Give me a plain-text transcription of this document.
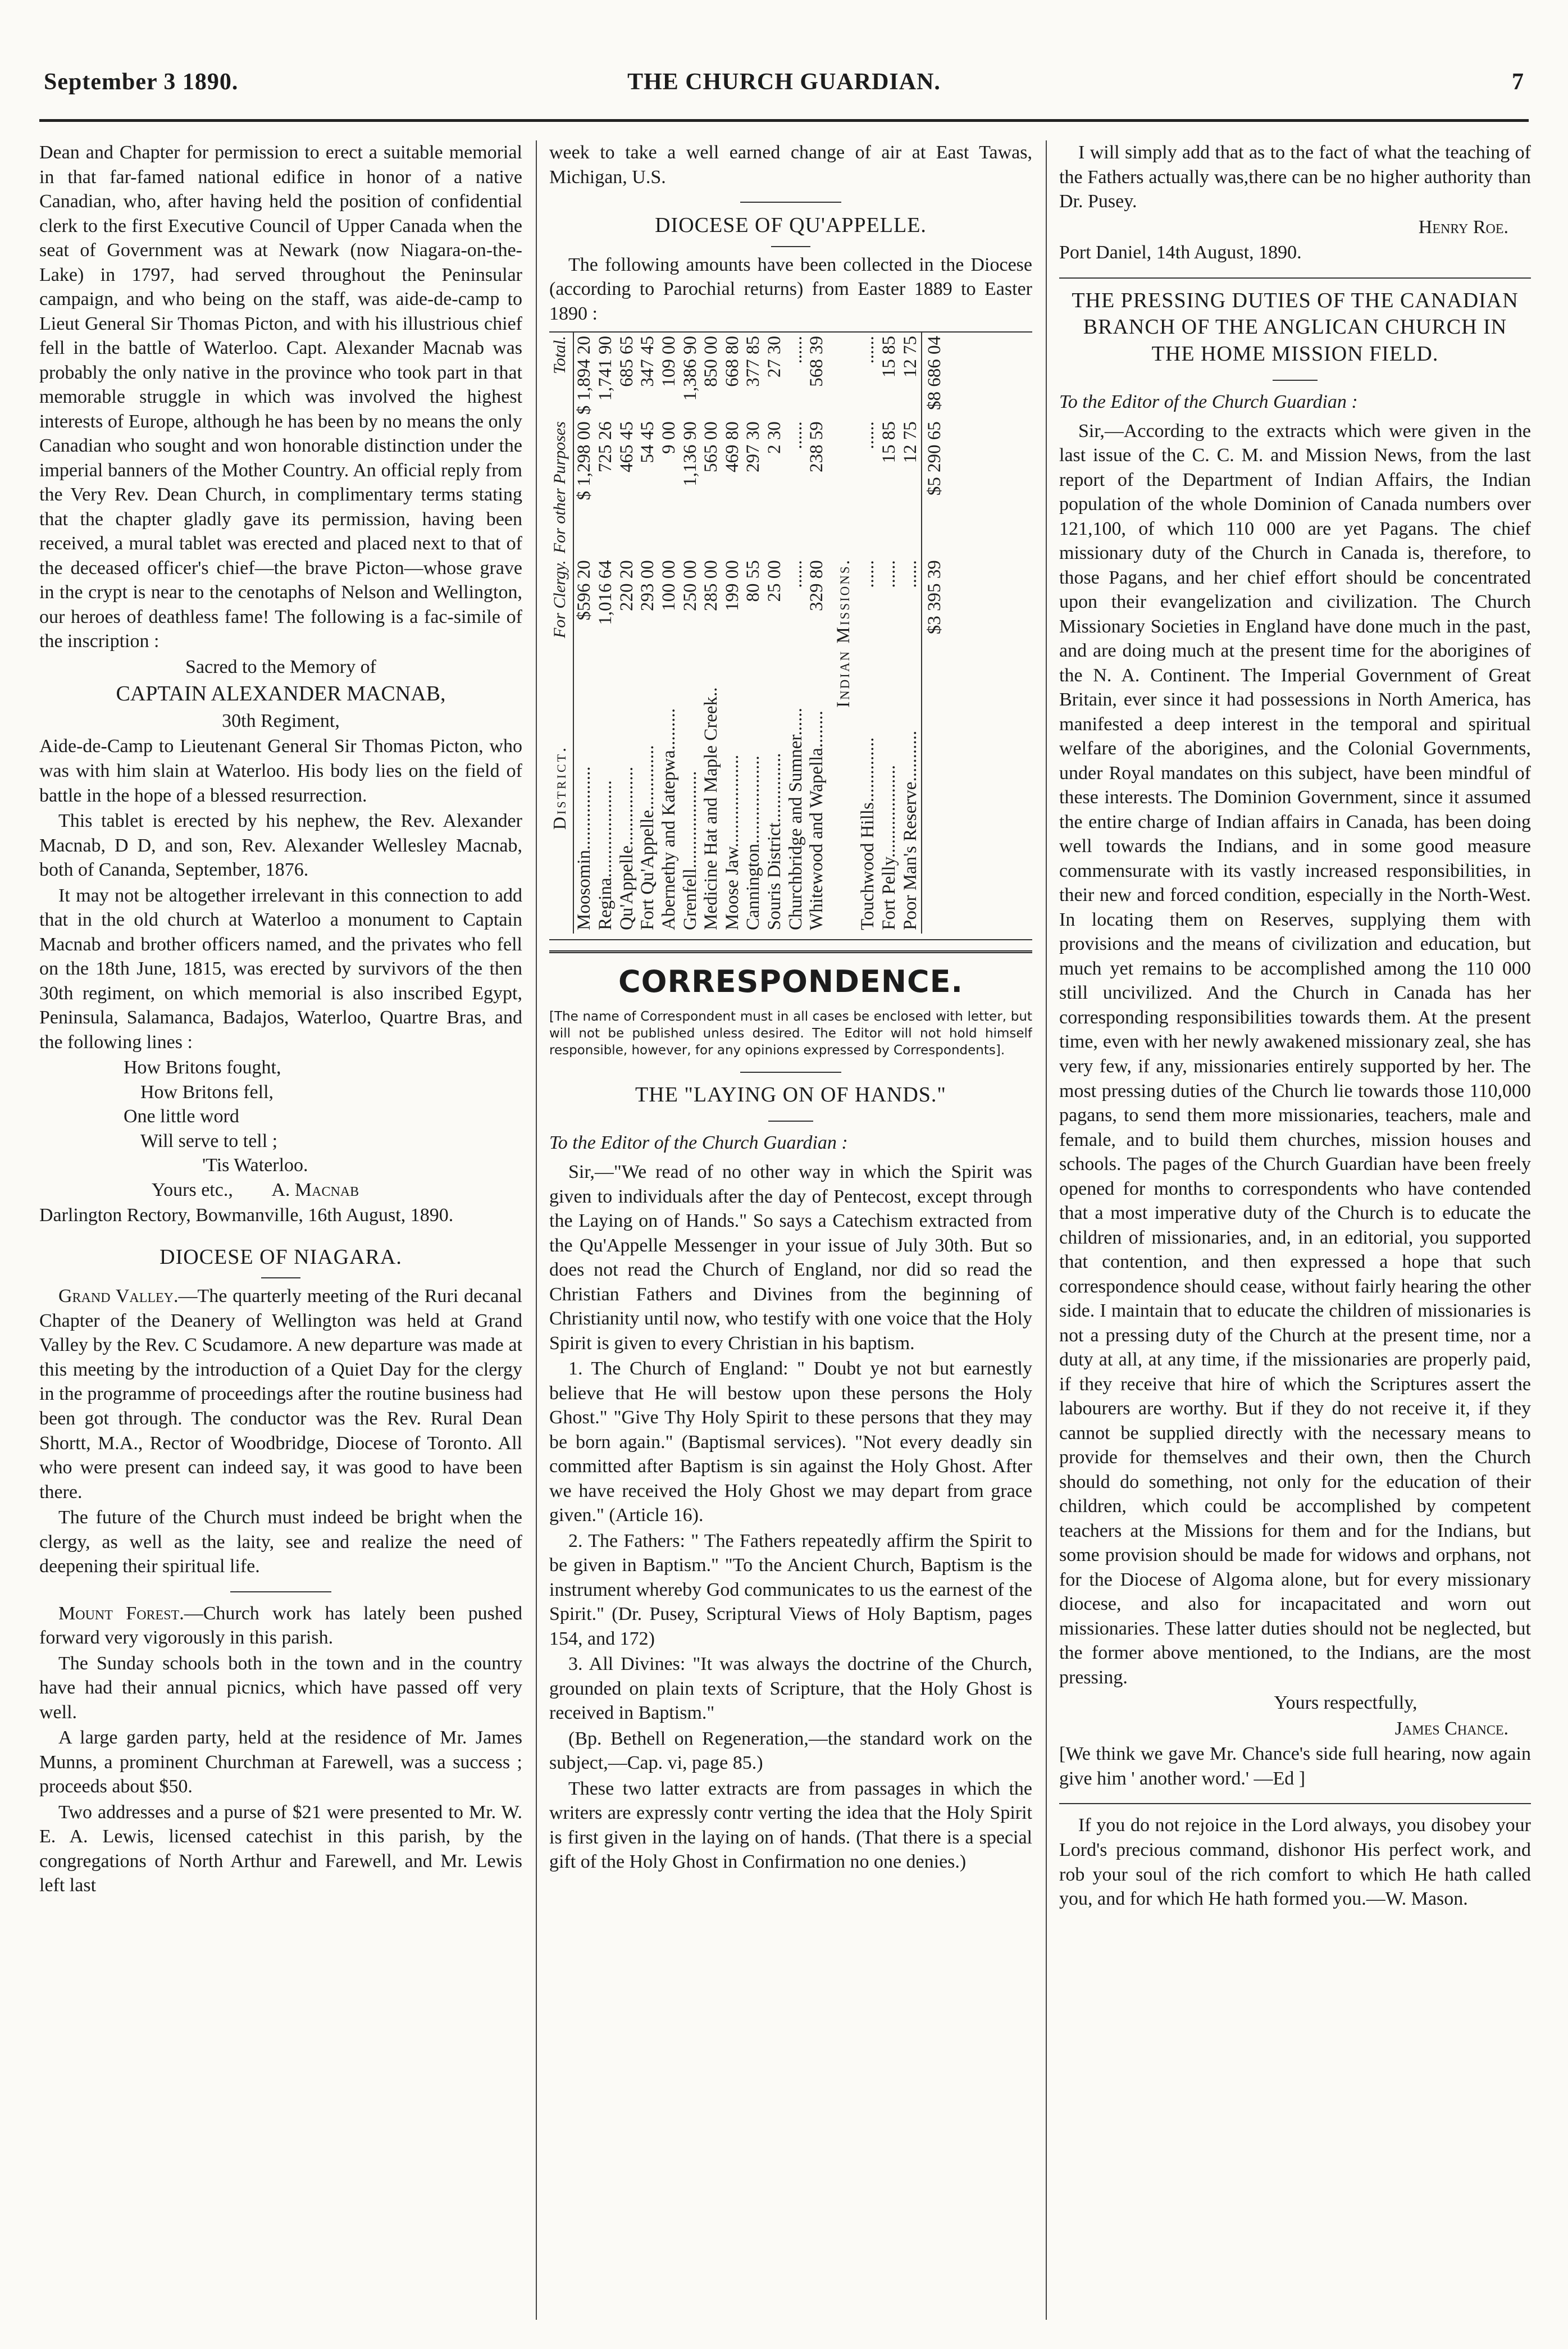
September 3 1890.	THE CHURCH GUARDIAN.	7

Dean and Chapter for permission to erect a suitable memorial in that far-famed national edifice in honor of a native Canadian, who, after having held the position of confidential clerk to the first Executive Council of Upper Canada when the seat of Government was at Newark (now Niagara-on-the-Lake) in 1797, had served throughout the Peninsular campaign, and who being on the staff, was aide-de-camp to Lieut General Sir Thomas Picton, and with his illustrious chief fell in the battle of Waterloo. Capt. Alexander Macnab was probably the only native in the province who took part in that memorable struggle in which was involved the highest interests of Europe, although he has been by no means the only Canadian who sought and won honorable distinction under the imperial banners of the Mother Country. An official reply from the Very Rev. Dean Church, in complimentary terms stating that the chapter gladly gave its permission, having been received, a mural tablet was erected and placed next to that of the deceased officer's chief—the brave Picton—whose grave in the crypt is near to the cenotaphs of Nelson and Wellington, our heroes of deathless fame! The following is a fac-simile of the inscription :

Sacred to the Memory of

CAPTAIN ALEXANDER MACNAB,

30th Regiment,

Aide-de-Camp to Lieutenant General Sir Thomas Picton, who was with him slain at Waterloo. His body lies on the field of battle in the hope of a blessed resurrection.

This tablet is erected by his nephew, the Rev. Alexander Macnab, D D, and son, Rev. Alexander Wellesley Macnab, both of Cananda, September, 1876.

It may not be altogether irrelevant in this connection to add that in the old church at Waterloo a monument to Captain Macnab and brother officers named, and the privates who fell on the 18th June, 1815, was erected by survivors of the then 30th regiment, on which memorial is also inscribed Egypt, Peninsula, Salamanca, Badajos, Waterloo, Quartre Bras, and the following lines :

How Britons fought,

How Britons fell,

One little word

Will serve to tell ;

'Tis Waterloo.

Yours etc., A. Macnab

Darlington Rectory, Bowmanville, 16th August, 1890.

DIOCESE OF NIAGARA.

Grand Valley.—The quarterly meeting of the Ruri decanal Chapter of the Deanery of Wellington was held at Grand Valley by the Rev. C Scudamore. A new departure was made at this meeting by the introduction of a Quiet Day for the clergy in the programme of proceedings after the routine business had been got through. The conductor was the Rev. Rural Dean Shortt, M.A., Rector of Woodbridge, Diocese of Toronto. All who were present can indeed say, it was good to have been there.

The future of the Church must indeed be bright when the clergy, as well as the laity, see and realize the need of deepening their spiritual life.

Mount Forest.—Church work has lately been pushed forward very vigorously in this parish.

The Sunday schools both in the town and in the country have had their annual picnics, which have passed off very well.

A large garden party, held at the residence of Mr. James Munns, a prominent Churchman at Farewell, was a success ; proceeds about $50.

Two addresses and a purse of $21 were presented to Mr. W. E. A. Lewis, licensed catechist in this parish, by the congregations of North Arthur and Farewell, and Mr. Lewis left last

week to take a well earned change of air at East Tawas, Michigan, U.S.

DIOCESE OF QU'APPELLE.

The following amounts have been collected in the Diocese (according to Parochial returns) from Easter 1889 to Easter 1890 :

District.	For Clergy.	For other Purposes	Total.
Moosomin..................	$596 20	$ 1,298 00	$ 1,894 20
Regina.....................	1,016 64	725 26	1,741 90
Qu'Appelle.................	220 20	465 45	685 65
Fort Qu'Appelle..............	293 00	54 45	347 45
Abernethy and Katepwa.........	100 00	9 00	109 00
Grenfell.....................	250 00	1,136 90	1,386 90
Medicine Hat and Maple Creek..	285 00	565 00	850 00
Moose Jaw....................	199 00	469 80	668 80
Cannington...................	80 55	297 30	377 85
Souris District...............	25 00	2 30	27 30
Churchbridge and Sumner......	......	......	......
Whitewood and Wapella........	329 80	238 59	568 39
Indian Missions.			
Touchwood Hills..............	......	......	......
Fort Pelly....................	......	15 85	15 85
Poor Man's Reserve...........	......	12 75	12 75
	$3 395 39	$5 290 65	$8 686 04
CORRESPONDENCE.

[The name of Correspondent must in all cases be enclosed with letter, but will not be published unless desired. The Editor will not hold himself responsible, however, for any opinions expressed by Correspondents].

THE "LAYING ON OF HANDS."

To the Editor of the Church Guardian :

Sir,—"We read of no other way in which the Spirit was given to individuals after the day of Pentecost, except through the Laying on of Hands." So says a Catechism extracted from the Qu'Appelle Messenger in your issue of July 30th. But so does not read the Church of England, nor did so read the Christian Fathers and Divines from the beginning of Christianity until now, who testify with one voice that the Holy Spirit is given to every Christian in his baptism.

1. The Church of England: " Doubt ye not but earnestly believe that He will bestow upon these persons the Holy Ghost." "Give Thy Holy Spirit to these persons that they may be born again." (Baptismal services). "Not every deadly sin committed after Baptism is sin against the Holy Ghost. After we have received the Holy Ghost we may depart from grace given." (Article 16).

2. The Fathers: " The Fathers repeatedly affirm the Spirit to be given in Baptism." "To the Ancient Church, Baptism is the instrument whereby God communicates to us the earnest of the Spirit." (Dr. Pusey, Scriptural Views of Holy Baptism, pages 154, and 172)

3. All Divines: "It was always the doctrine of the Church, grounded on plain texts of Scripture, that the Holy Ghost is received in Baptism."

(Bp. Bethell on Regeneration,—the standard work on the subject,—Cap. vi, page 85.)

These two latter extracts are from passages in which the writers are expressly contr verting the idea that the Holy Spirit is first given in the laying on of hands. (That there is a special gift of the Holy Ghost in Confirmation no one denies.)

I will simply add that as to the fact of what the teaching of the Fathers actually was,there can be no higher authority than Dr. Pusey.

Henry Roe.

Port Daniel, 14th August, 1890.

THE PRESSING DUTIES OF THE CANADIAN BRANCH OF THE ANGLICAN CHURCH IN THE HOME MISSION FIELD.

To the Editor of the Church Guardian :

Sir,—According to the extracts which were given in the last issue of the C. C. M. and Mission News, from the last report of the Department of Indian Affairs, the Indian population of the whole Dominion of Canada numbers over 121,100, of which 110 000 are yet Pagans. The chief missionary duty of the Church in Canada is, therefore, to those Pagans, and her chief effort should be concentrated upon their evangelization and civilization. The Church Missionary Societies in England have done much in the past, and are doing much at the present time for the aborigines of the N. A. Continent. The Imperial Government of Great Britain, ever since it had possessions in North America, has manifested a deep interest in the temporal and spiritual welfare of the aborigines, and the Colonial Governments, under Royal mandates on this subject, have been mindful of these interests. The Dominion Government, since it assumed the entire charge of Indian affairs in Canada, has been doing well towards the Indians, and in some good measure commensurate with its vastly increased responsibilities, in their new and forced condition, especially in the North-West. In locating them on Reserves, supplying them with provisions and the means of civilization and education, but much yet remains to be accomplished among the 110 000 still uncivilized. And the Church in Canada has her corresponding responsibilities towards them. At the present time, even with her newly awakened missionary zeal, she has very few, if any, missionaries entirely supported by her. The most pressing duties of the Church lie towards those 110,000 pagans, to send them more missionaries, teachers, male and female, and to build them churches, mission houses and schools. The pages of the Church Guardian have been freely opened for months to correspondents who have contended that a most imperative duty of the Church is to educate the children of missionaries, and, in an editorial, you supported that contention, and then expressed a hope that such correspondence should cease, without fairly hearing the other side. I maintain that to educate the children of missionaries is not a pressing duty of the Church at the present time, nor a duty at all, at any time, if the missionaries are properly paid, if they receive that hire of which the Scriptures assert the labourers are worthy. But if they do not receive it, if they cannot be supplied directly with the necessary means to provide for themselves and their own, then the Church should do something, not only for the education of their children, which could be accomplished by competent teachers at the Missions for them and for the Indians, but some provision should be made for widows and orphans, not for the Diocese of Algoma alone, but for every missionary diocese, and also for incapacitated and worn out missionaries. These latter duties should not be neglected, but the former above mentioned, to the Indians, are the most pressing.

Yours respectfully,

James Chance.

[We think we gave Mr. Chance's side full hearing, now again give him ' another word.' —Ed ]

If you do not rejoice in the Lord always, you disobey your Lord's precious command, dishonor His perfect work, and rob your soul of the rich comfort to which He hath called you, and for which He hath formed you.—W. Mason.
